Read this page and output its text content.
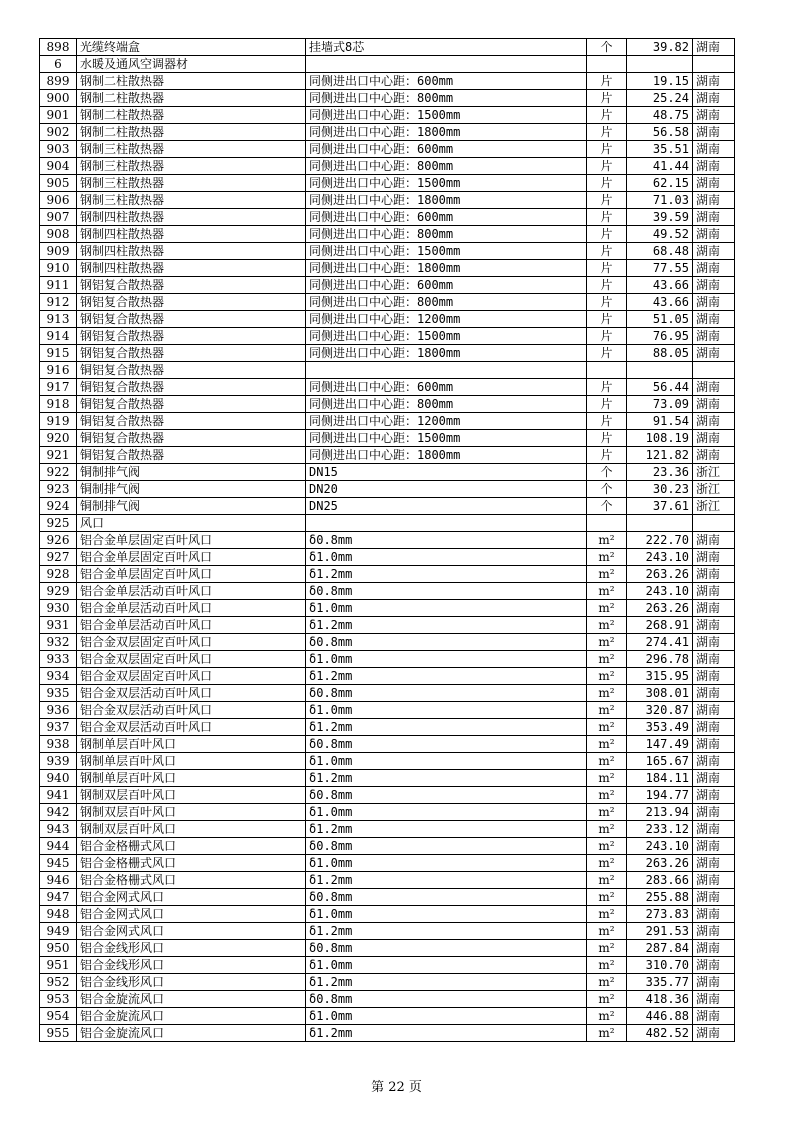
898	光缆终端盒	挂墙式8芯	个	39.82	湖南
6	水暖及通风空调器材				
899	钢制二柱散热器	同侧进出口中心距：600mm	片	19.15	湖南
900	钢制二柱散热器	同侧进出口中心距：800mm	片	25.24	湖南
901	钢制二柱散热器	同侧进出口中心距：1500mm	片	48.75	湖南
902	钢制二柱散热器	同侧进出口中心距：1800mm	片	56.58	湖南
903	钢制三柱散热器	同侧进出口中心距：600mm	片	35.51	湖南
904	钢制三柱散热器	同侧进出口中心距：800mm	片	41.44	湖南
905	钢制三柱散热器	同侧进出口中心距：1500mm	片	62.15	湖南
906	钢制三柱散热器	同侧进出口中心距：1800mm	片	71.03	湖南
907	钢制四柱散热器	同侧进出口中心距：600mm	片	39.59	湖南
908	钢制四柱散热器	同侧进出口中心距：800mm	片	49.52	湖南
909	钢制四柱散热器	同侧进出口中心距：1500mm	片	68.48	湖南
910	钢制四柱散热器	同侧进出口中心距：1800mm	片	77.55	湖南
911	钢铝复合散热器	同侧进出口中心距：600mm	片	43.66	湖南
912	钢铝复合散热器	同侧进出口中心距：800mm	片	43.66	湖南
913	钢铝复合散热器	同侧进出口中心距：1200mm	片	51.05	湖南
914	钢铝复合散热器	同侧进出口中心距：1500mm	片	76.95	湖南
915	钢铝复合散热器	同侧进出口中心距：1800mm	片	88.05	湖南
916	铜铝复合散热器				
917	铜铝复合散热器	同侧进出口中心距：600mm	片	56.44	湖南
918	铜铝复合散热器	同侧进出口中心距：800mm	片	73.09	湖南
919	铜铝复合散热器	同侧进出口中心距：1200mm	片	91.54	湖南
920	铜铝复合散热器	同侧进出口中心距：1500mm	片	108.19	湖南
921	铜铝复合散热器	同侧进出口中心距：1800mm	片	121.82	湖南
922	铜制排气阀	DN15	个	23.36	浙江
923	铜制排气阀	DN20	个	30.23	浙江
924	铜制排气阀	DN25	个	37.61	浙江
925	风口				
926	铝合金单层固定百叶风口	δ0.8mm	m²	222.70	湖南
927	铝合金单层固定百叶风口	δ1.0mm	m²	243.10	湖南
928	铝合金单层固定百叶风口	δ1.2mm	m²	263.26	湖南
929	铝合金单层活动百叶风口	δ0.8mm	m²	243.10	湖南
930	铝合金单层活动百叶风口	δ1.0mm	m²	263.26	湖南
931	铝合金单层活动百叶风口	δ1.2mm	m²	268.91	湖南
932	铝合金双层固定百叶风口	δ0.8mm	m²	274.41	湖南
933	铝合金双层固定百叶风口	δ1.0mm	m²	296.78	湖南
934	铝合金双层固定百叶风口	δ1.2mm	m²	315.95	湖南
935	铝合金双层活动百叶风口	δ0.8mm	m²	308.01	湖南
936	铝合金双层活动百叶风口	δ1.0mm	m²	320.87	湖南
937	铝合金双层活动百叶风口	δ1.2mm	m²	353.49	湖南
938	钢制单层百叶风口	δ0.8mm	m²	147.49	湖南
939	钢制单层百叶风口	δ1.0mm	m²	165.67	湖南
940	钢制单层百叶风口	δ1.2mm	m²	184.11	湖南
941	钢制双层百叶风口	δ0.8mm	m²	194.77	湖南
942	钢制双层百叶风口	δ1.0mm	m²	213.94	湖南
943	钢制双层百叶风口	δ1.2mm	m²	233.12	湖南
944	铝合金格栅式风口	δ0.8mm	m²	243.10	湖南
945	铝合金格栅式风口	δ1.0mm	m²	263.26	湖南
946	铝合金格栅式风口	δ1.2mm	m²	283.66	湖南
947	铝合金网式风口	δ0.8mm	m²	255.88	湖南
948	铝合金网式风口	δ1.0mm	m²	273.83	湖南
949	铝合金网式风口	δ1.2mm	m²	291.53	湖南
950	铝合金线形风口	δ0.8mm	m²	287.84	湖南
951	铝合金线形风口	δ1.0mm	m²	310.70	湖南
952	铝合金线形风口	δ1.2mm	m²	335.77	湖南
953	铝合金旋流风口	δ0.8mm	m²	418.36	湖南
954	铝合金旋流风口	δ1.0mm	m²	446.88	湖南
955	铝合金旋流风口	δ1.2mm	m²	482.52	湖南
第 22 页
